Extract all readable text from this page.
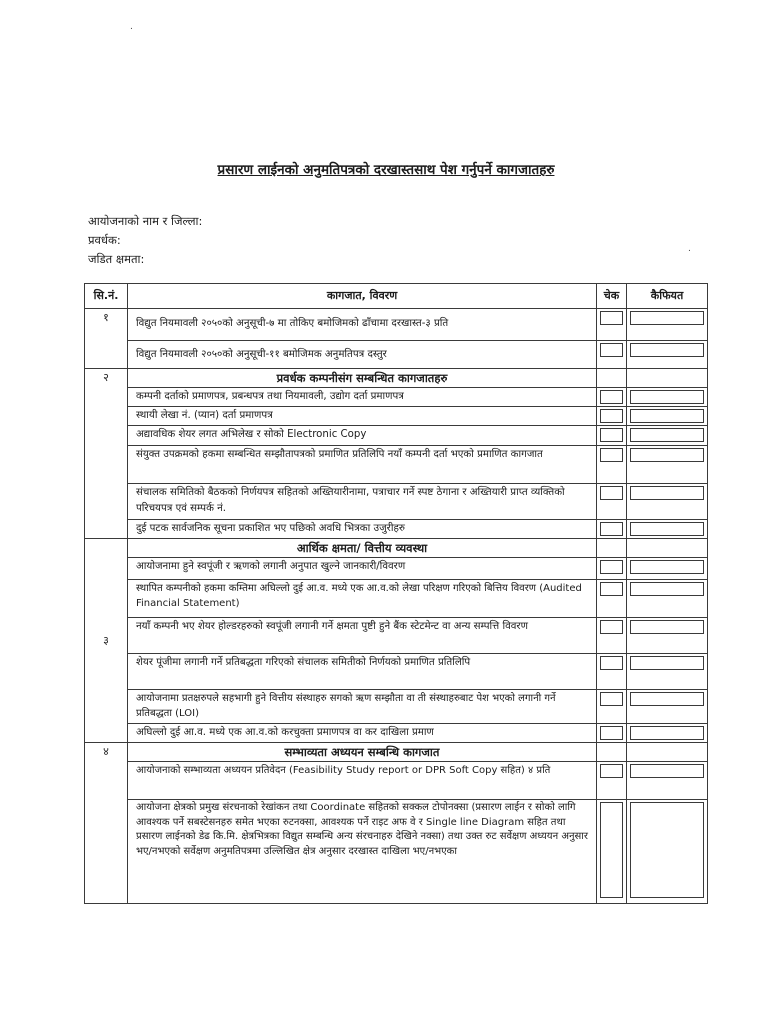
.
.
प्रसारण लाईनको अनुमतिपत्रको दरखास्तसाथ पेश गर्नुपर्ने कागजातहरु
आयोजनाको नाम र जिल्ला:
प्रवर्धक:
जडित क्षमता:
सि.नं.	कागजात, विवरण	चेक	कैफियत
१	विद्युत नियमावली २०५०को अनुसूची-७ मा तोकिए बमोजिमको ढाँचामा दरखास्त-३ प्रति	

	विद्युत नियमावली २०५०को अनुसूची-११ बमोजिमक अनुमतिपत्र दस्तुर	

२	प्रवर्धक कम्पनीसंग सम्बन्धित कागजातहरु		
	कम्पनी दर्ताको प्रमाणपत्र, प्रबन्धपत्र तथा नियमावली, उद्योग दर्ता प्रमाणपत्र	

	स्थायी लेखा नं. (प्यान) दर्ता प्रमाणपत्र	

	अद्यावधिक शेयर लगत अभिलेख र सोको Electronic Copy	

	संयुक्त उपक्रमको हकमा सम्बन्धित सम्झौतापत्रको प्रमाणित प्रतिलिपि नयाँ कम्पनी दर्ता भएको प्रमाणित कागजात	

	संचालक समितिको बैठकको निर्णयपत्र सहितको अख्तियारीनामा, पत्राचार गर्ने स्पष्ट ठेगाना र अख्तियारी प्राप्त व्यक्तिको परिचयपत्र एवं सम्पर्क नं.	

	दुई पटक सार्वजनिक सूचना प्रकाशित भए पछिको अवधि भित्रका उजुरीहरु	

३	आर्थिक क्षमता/ वित्तीय व्यवस्था		
	आयोजनामा हुने स्वपूंजी र ऋणको लगानी अनुपात खुल्ने जानकारी/विवरण	

	स्थापित कम्पनीको हकमा कम्तिमा अघिल्लो दुई आ.व. मध्ये एक आ.व.को लेखा परिक्षण गरिएको बित्तिय विवरण (Audited Financial Statement)	

	नयाँ कम्पनी भए शेयर होल्डरहरुको स्वपूंजी लगानी गर्ने क्षमता पुष्टी हुने बैंक स्टेटमेन्ट वा अन्य सम्पत्ति विवरण	

	शेयर पूंजीमा लगानी गर्ने प्रतिबद्धता गरिएको संचालक समितीको निर्णयको प्रमाणित प्रतिलिपि	

	आयोजनामा प्रतक्षरुपले सहभागी हुने वित्तीय संस्थाहरु सगको ऋण सम्झौता वा ती संस्थाहरुबाट पेश भएको लगानी गर्ने प्रतिबद्धता (LOI)	

	अघिल्लो दुई आ.व. मध्ये एक आ.व.को करचुक्ता प्रमाणपत्र वा कर दाखिला प्रमाण	

४	सम्भाव्यता अध्ययन सम्बन्धि कागजात		
	आयोजनाको सम्भाव्यता अध्ययन प्रतिवेदन (Feasibility Study report or DPR Soft Copy सहित) ४ प्रति	

	आयोजना क्षेत्रको प्रमुख संरचनाको रेखांकन तथा Coordinate सहितको सक्कल टोपोनक्सा (प्रसारण लाईन र सोको लागि आवश्यक पर्ने सबस्टेसनहरु समेत भएका रुटनक्सा, आवश्यक पर्ने राइट अफ वे र Single line Diagram सहित तथा प्रसारण लाईनको डेढ कि.मि. क्षेत्रभित्रका विद्युत सम्बन्धि अन्य संरचनाहरु देखिने नक्सा) तथा उक्त रुट सर्वेक्षण अध्ययन अनुसार भए/नभएको सर्वेक्षण अनुमतिपत्रमा उल्लिखित क्षेत्र अनुसार दरखास्त दाखिला भए/नभएका	
